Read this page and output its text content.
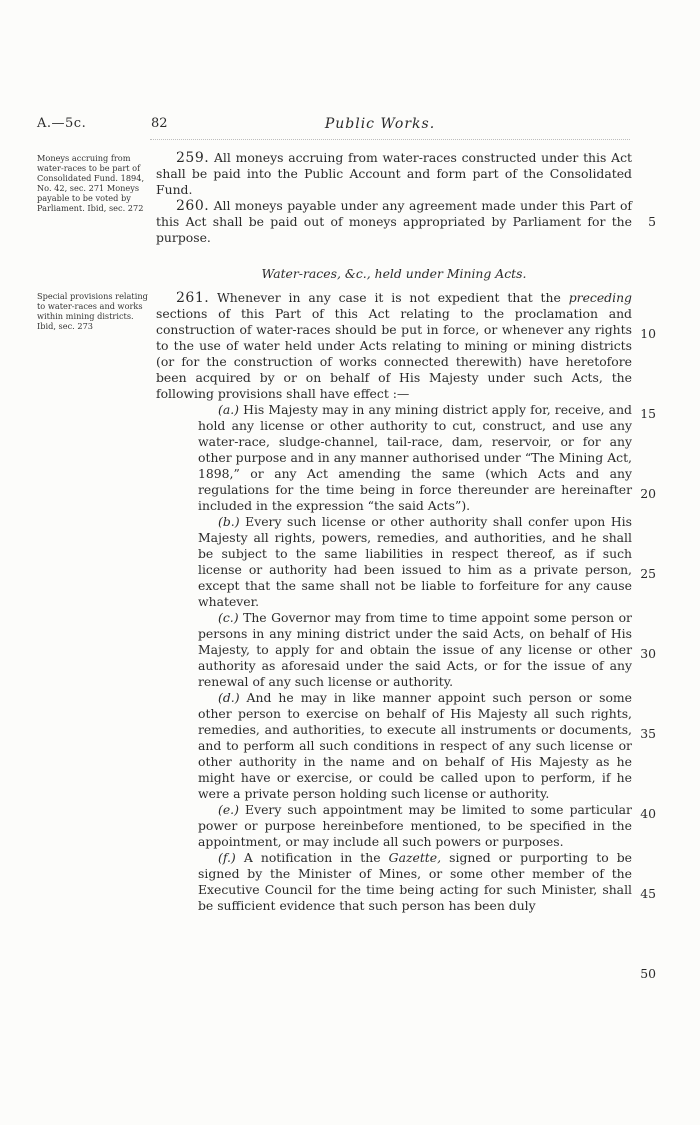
A.—5c.	82	Public Works.
Moneys accruing from water-races to be part of Consolidated Fund. 1894, No. 42, sec. 271 Moneys payable to be voted by Parliament. Ibid, sec. 272
Special provisions relating to water-races and works within mining districts. Ibid, sec. 273

259. All moneys accruing from water-races constructed under this Act shall be paid into the Public Account and form part of the Consolidated Fund.

260. All moneys payable under any agreement made under this Part of this Act shall be paid out of moneys appropriated by Parliament for the purpose.

Water-races, &c., held under Mining Acts.

261. Whenever in any case it is not expedient that the preceding sections of this Part of this Act relating to the proclamation and construction of water-races should be put in force, or whenever any rights to the use of water held under Acts relating to mining or mining districts (or for the construction of works connected therewith) have heretofore been acquired by or on behalf of His Majesty under such Acts, the following provisions shall have effect :—

(a.) His Majesty may in any mining district apply for, receive, and hold any license or other authority to cut, construct, and use any water-race, sludge-channel, tail-race, dam, reservoir, or for any other purpose and in any manner authorised under “The Mining Act, 1898,” or any Act amending the same (which Acts and any regulations for the time being in force thereunder are hereinafter included in the expression “the said Acts”).

(b.) Every such license or other authority shall confer upon His Majesty all rights, powers, remedies, and authorities, and he shall be subject to the same liabilities in respect thereof, as if such license or authority had been issued to him as a private person, except that the same shall not be liable to forfeiture for any cause whatever.

(c.) The Governor may from time to time appoint some person or persons in any mining district under the said Acts, on behalf of His Majesty, to apply for and obtain the issue of any license or other authority as aforesaid under the said Acts, or for the issue of any renewal of any such license or authority.

(d.) And he may in like manner appoint such person or some other person to exercise on behalf of His Majesty all such rights, remedies, and authorities, to execute all instruments or documents, and to perform all such conditions in respect of any such license or other authority in the name and on behalf of His Majesty as he might have or exercise, or could be called upon to perform, if he were a private person holding such license or authority.

(e.) Every such appointment may be limited to some particular power or purpose hereinbefore mentioned, to be specified in the appointment, or may include all such powers or purposes.

(f.) A notification in the Gazette, signed or purporting to be signed by the Minister of Mines, or some other member of the Executive Council for the time being acting for such Minister, shall be sufficient evidence that such person has been duly

5
10
15
20
25
30
35
40
45
50
